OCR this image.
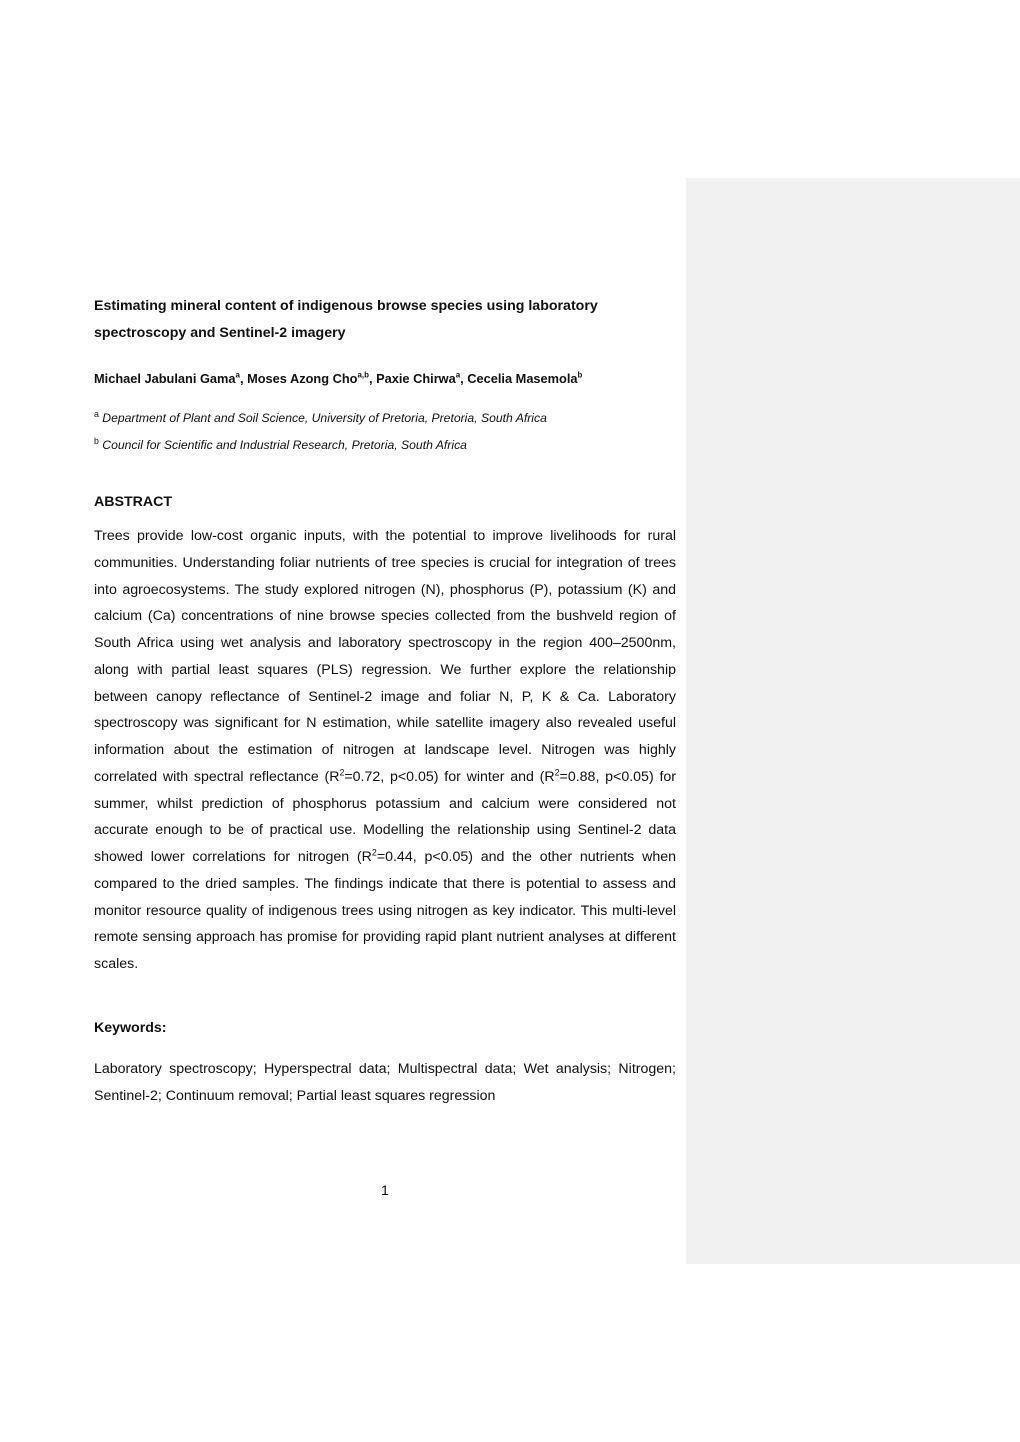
Estimating mineral content of indigenous browse species using laboratory spectroscopy and Sentinel-2 imagery
Michael Jabulani Gama$^a$, Moses Azong Cho$^{a,b}$, Paxie Chirwa$^a$, Cecelia Masemola$^b$
$^a$ Department of Plant and Soil Science, University of Pretoria, Pretoria, South Africa
$^b$ Council for Scientific and Industrial Research, Pretoria, South Africa
ABSTRACT
Trees provide low-cost organic inputs, with the potential to improve livelihoods for rural communities. Understanding foliar nutrients of tree species is crucial for integration of trees into agroecosystems. The study explored nitrogen (N), phosphorus (P), potassium (K) and calcium (Ca) concentrations of nine browse species collected from the bushveld region of South Africa using wet analysis and laboratory spectroscopy in the region 400–2500nm, along with partial least squares (PLS) regression. We further explore the relationship between canopy reflectance of Sentinel-2 image and foliar N, P, K & Ca. Laboratory spectroscopy was significant for N estimation, while satellite imagery also revealed useful information about the estimation of nitrogen at landscape level. Nitrogen was highly correlated with spectral reflectance ($R^2=0.72$, p<0.05) for winter and ($R^2=0.88$, p<0.05) for summer, whilst prediction of phosphorus potassium and calcium were considered not accurate enough to be of practical use. Modelling the relationship using Sentinel-2 data showed lower correlations for nitrogen ($R^2=0.44$, p<0.05) and the other nutrients when compared to the dried samples. The findings indicate that there is potential to assess and monitor resource quality of indigenous trees using nitrogen as key indicator. This multi-level remote sensing approach has promise for providing rapid plant nutrient analyses at different scales.
Keywords:
Laboratory spectroscopy; Hyperspectral data; Multispectral data; Wet analysis; Nitrogen; Sentinel-2; Continuum removal; Partial least squares regression
1
